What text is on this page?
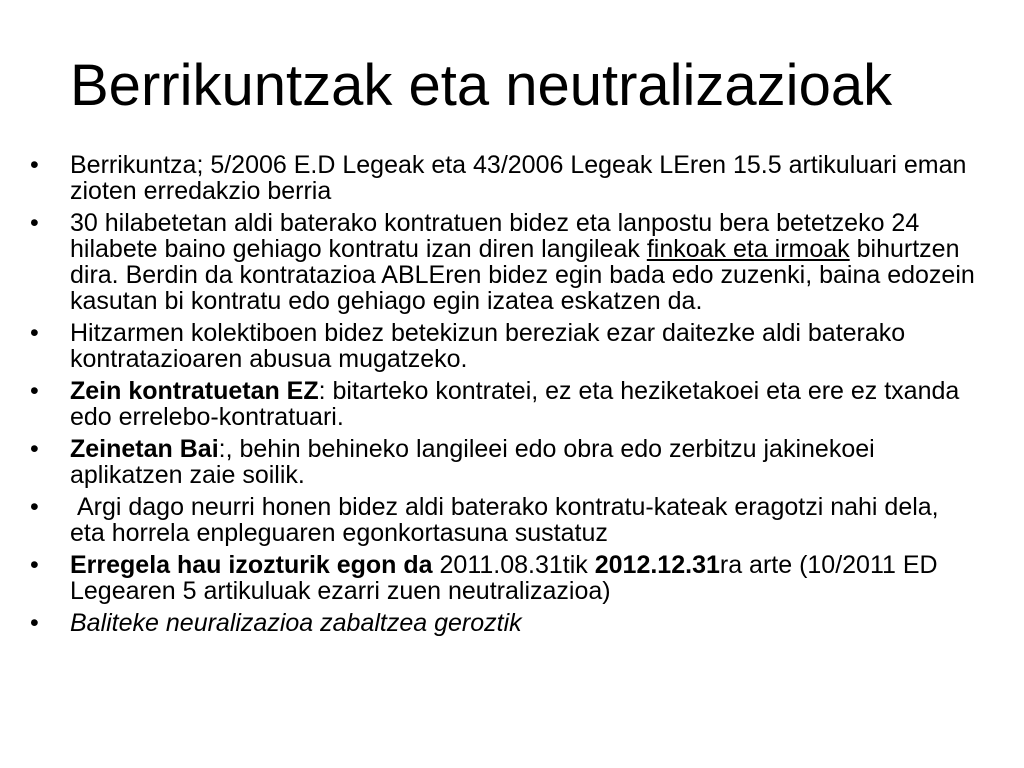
Berrikuntzak eta neutralizazioak
•	Berrikuntza; 5/2006 E.D Legeak eta 43/2006 Legeak LEren 15.5 artikuluari eman zioten erredakzio berria
•	30 hilabetetan aldi baterako kontratuen bidez eta lanpostu bera betetzeko 24 hilabete baino gehiago kontratu izan diren langileak finkoak eta irmoak bihurtzen dira. Berdin da kontratazioa ABLEren bidez egin bada edo zuzenki, baina edozein kasutan bi kontratu edo gehiago egin izatea eskatzen da.
•	Hitzarmen kolektiboen bidez betekizun bereziak ezar daitezke aldi baterako kontratazioaren abusua mugatzeko.
•	Zein kontratuetan EZ: bitarteko kontratei, ez eta heziketakoei eta ere ez txanda edo errelebo-kontratuari.
•	Zeinetan Bai:, behin behineko langileei edo obra edo zerbitzu jakinekoei aplikatzen zaie soilik.
•	Argi dago neurri honen bidez aldi baterako kontratu-kateak eragotzi nahi dela, eta horrela enpleguaren egonkortasuna sustatuz
•	Erregela hau izozturik egon da 2011.08.31tik 2012.12.31ra arte (10/2011 ED Legearen 5 artikuluak ezarri zuen neutralizazioa)
•	Baliteke neuralizazioa zabaltzea geroztik
